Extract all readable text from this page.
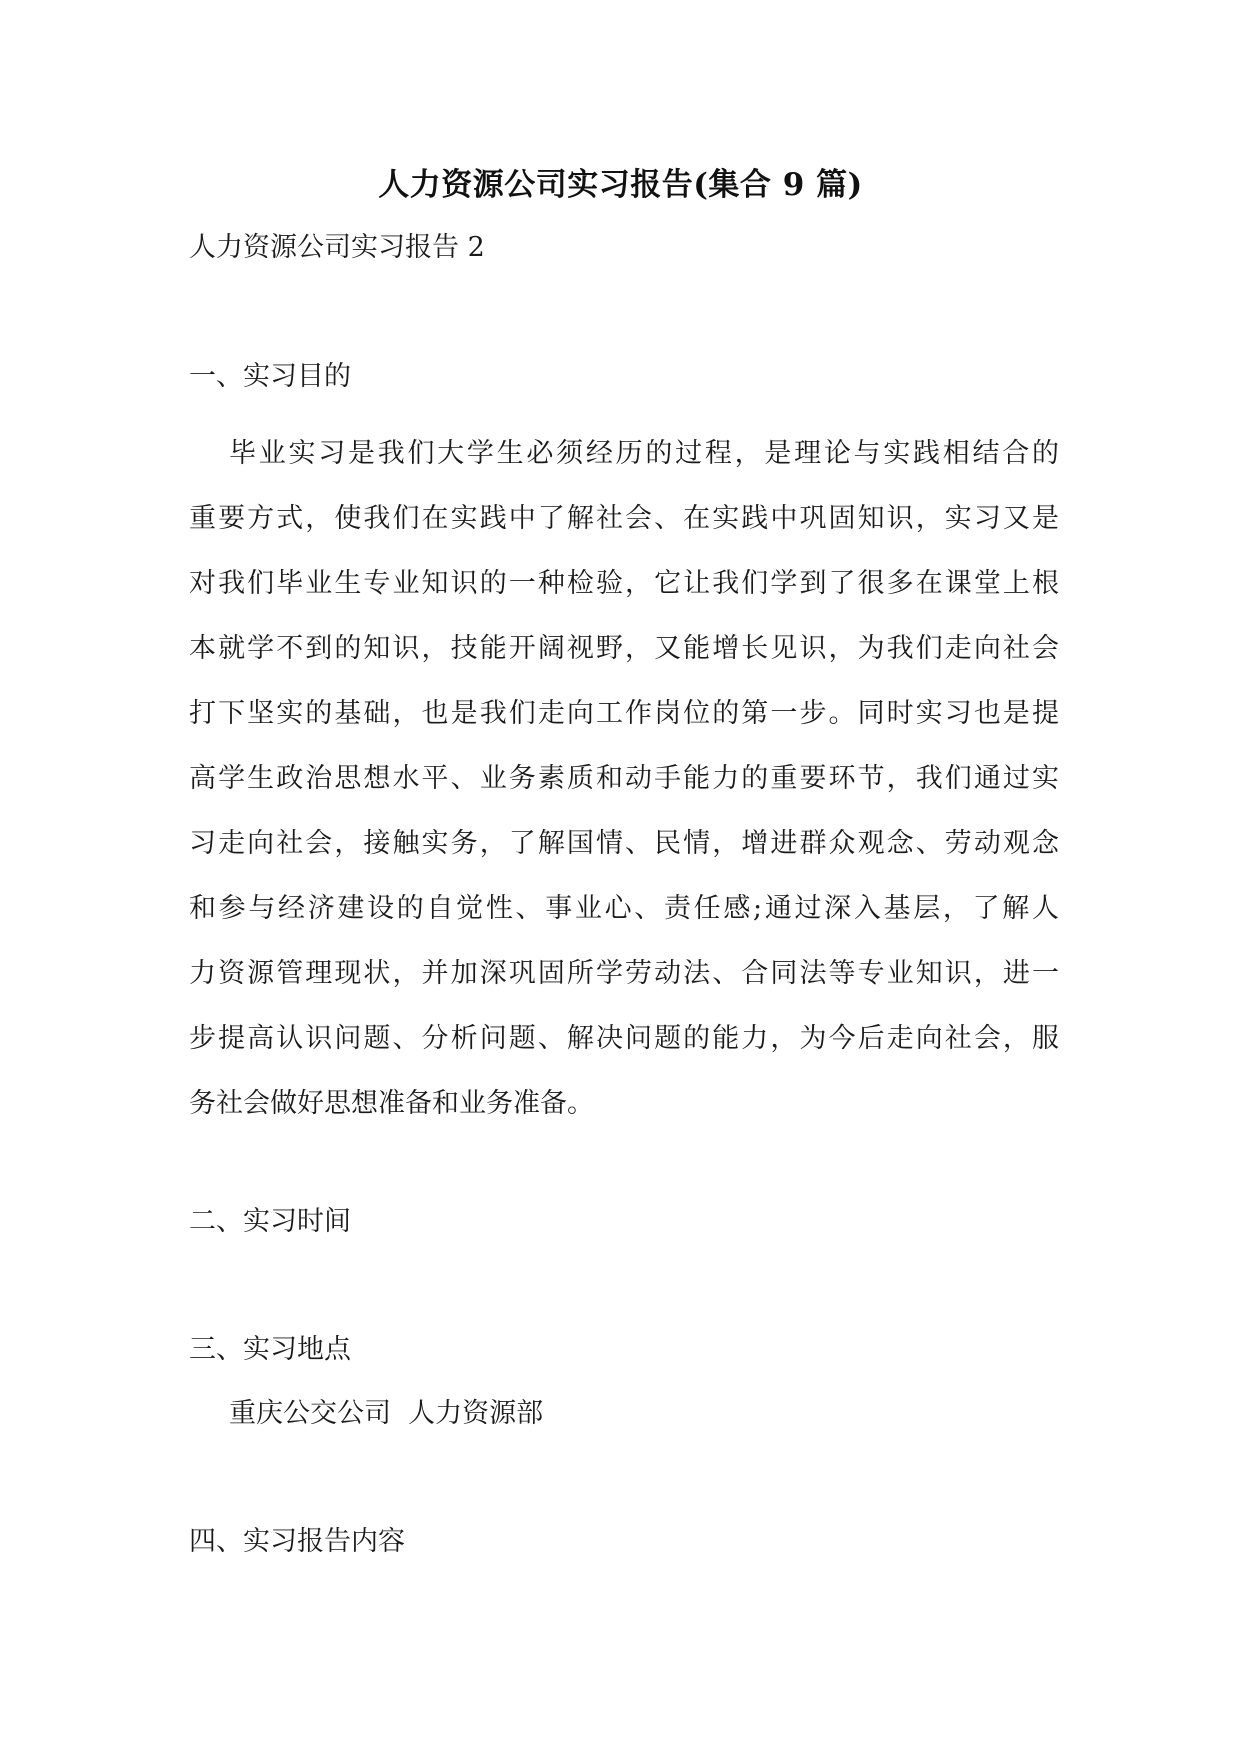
人力资源公司实习报告(集合 9 篇)
人力资源公司实习报告 2
一、实习目的

毕业实习是我们大学生必须经历的过程，是理论与实践相结合的
重要方式，使我们在实践中了解社会、在实践中巩固知识，实习又是
对我们毕业生专业知识的一种检验，它让我们学到了很多在课堂上根
本就学不到的知识，技能开阔视野，又能增长见识，为我们走向社会
打下坚实的基础，也是我们走向工作岗位的第一步。同时实习也是提
高学生政治思想水平、业务素质和动手能力的重要环节，我们通过实
习走向社会，接触实务，了解国情、民情，增进群众观念、劳动观念
和参与经济建设的自觉性、事业心、责任感;通过深入基层，了解人
力资源管理现状，并加深巩固所学劳动法、合同法等专业知识，进一
步提高认识问题、分析问题、解决问题的能力，为今后走向社会，服
务社会做好思想准备和业务准备。

二、实习时间
三、实习地点
重庆公交公司  人力资源部
四、实习报告内容
